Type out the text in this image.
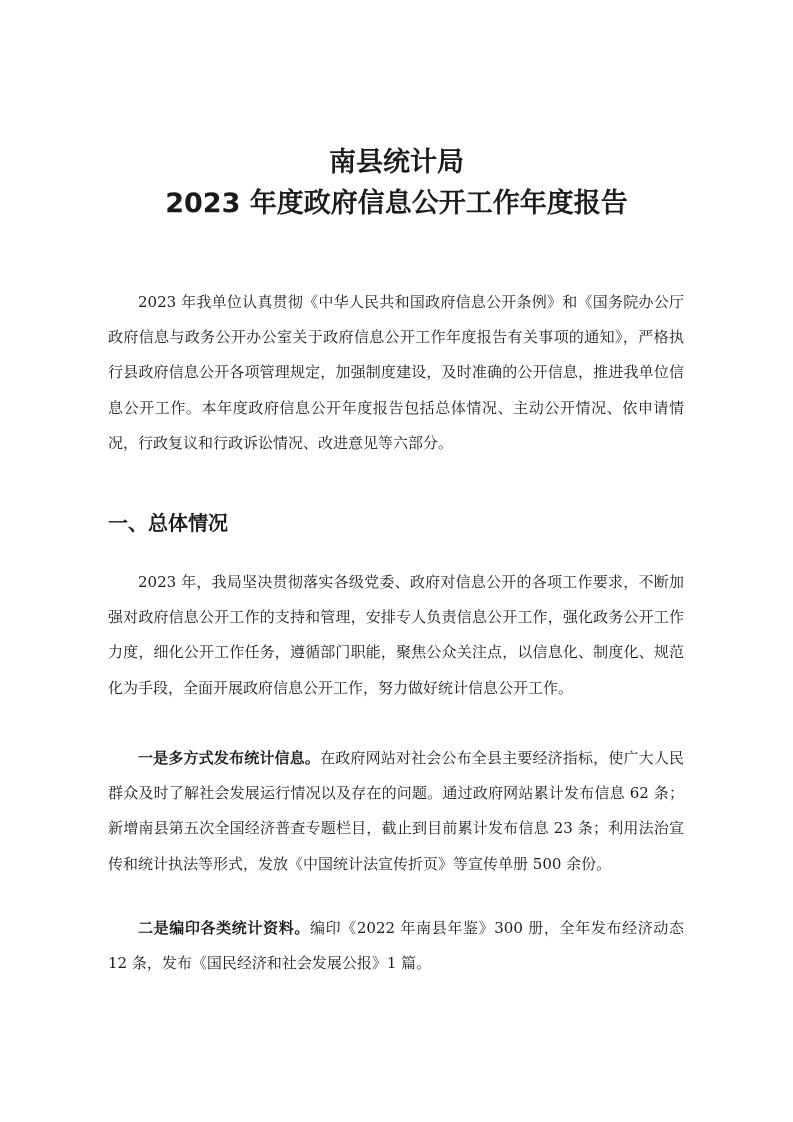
南县统计局
2023 年度政府信息公开工作年度报告

2023 年我单位认真贯彻《中华人民共和国政府信息公开条例》和《国务院办公厅政府信息与政务公开办公室关于政府信息公开工作年度报告有关事项的通知》，严格执行县政府信息公开各项管理规定，加强制度建设，及时准确的公开信息，推进我单位信息公开工作。本年度政府信息公开年度报告包括总体情况、主动公开情况、依申请情况，行政复议和行政诉讼情况、改进意见等六部分。

一、总体情况

2023 年，我局坚决贯彻落实各级党委、政府对信息公开的各项工作要求，不断加强对政府信息公开工作的支持和管理，安排专人负责信息公开工作，强化政务公开工作力度，细化公开工作任务，遵循部门职能，聚焦公众关注点，以信息化、制度化、规范化为手段，全面开展政府信息公开工作，努力做好统计信息公开工作。

一是多方式发布统计信息。在政府网站对社会公布全县主要经济指标，使广大人民群众及时了解社会发展运行情况以及存在的问题。通过政府网站累计发布信息 62 条；新增南县第五次全国经济普查专题栏目，截止到目前累计发布信息 23 条；利用法治宣传和统计执法等形式，发放《中国统计法宣传折页》等宣传单册 500 余份。

二是编印各类统计资料。编印《2022 年南县年鉴》300 册，全年发布经济动态 12 条，发布《国民经济和社会发展公报》1 篇。
